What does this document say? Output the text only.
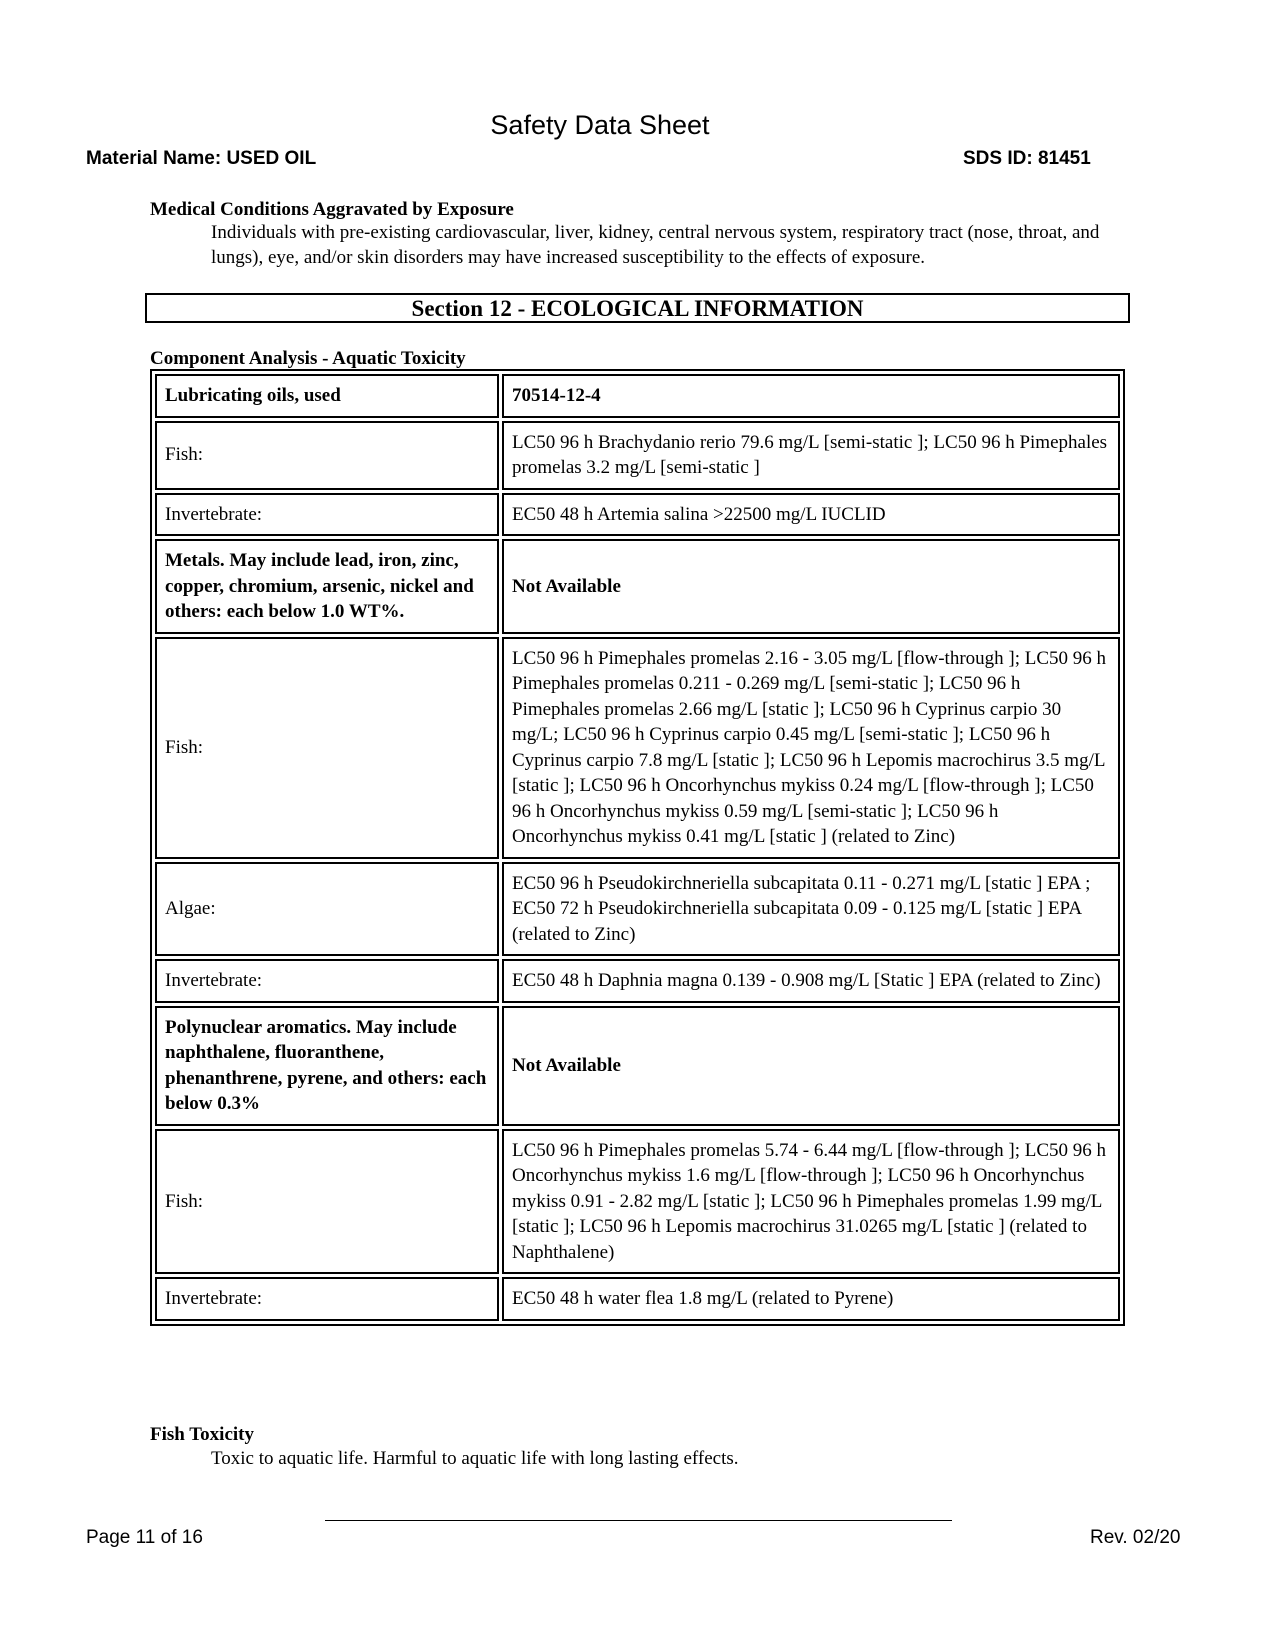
Safety Data Sheet
Material Name: USED OIL	SDS ID: 81451
Medical Conditions Aggravated by Exposure
Individuals with pre-existing cardiovascular, liver, kidney, central nervous system, respiratory tract (nose, throat, and lungs), eye, and/or skin disorders may have increased susceptibility to the effects of exposure.
Section 12 - ECOLOGICAL INFORMATION
Component Analysis - Aquatic Toxicity
Lubricating oils, used	70514-12-4
Fish:	LC50 96 h Brachydanio rerio 79.6 mg/L [semi-static ]; LC50 96 h Pimephales promelas 3.2 mg/L [semi-static ]
Invertebrate:	EC50 48 h Artemia salina >22500 mg/L IUCLID
Metals. May include lead, iron, zinc, copper, chromium, arsenic, nickel and others: each below 1.0 WT%.	Not Available
Fish:	LC50 96 h Pimephales promelas 2.16 - 3.05 mg/L [flow-through ]; LC50 96 h Pimephales promelas 0.211 - 0.269 mg/L [semi-static ]; LC50 96 h Pimephales promelas 2.66 mg/L [static ]; LC50 96 h Cyprinus carpio 30 mg/L; LC50 96 h Cyprinus carpio 0.45 mg/L [semi-static ]; LC50 96 h Cyprinus carpio 7.8 mg/L [static ]; LC50 96 h Lepomis macrochirus 3.5 mg/L [static ]; LC50 96 h Oncorhynchus mykiss 0.24 mg/L [flow-through ]; LC50 96 h Oncorhynchus mykiss 0.59 mg/L [semi-static ]; LC50 96 h Oncorhynchus mykiss 0.41 mg/L [static ] (related to Zinc)
Algae:	EC50 96 h Pseudokirchneriella subcapitata 0.11 - 0.271 mg/L [static ] EPA ; EC50 72 h Pseudokirchneriella subcapitata 0.09 - 0.125 mg/L [static ] EPA (related to Zinc)
Invertebrate:	EC50 48 h Daphnia magna 0.139 - 0.908 mg/L [Static ] EPA (related to Zinc)
Polynuclear aromatics. May include naphthalene, fluoranthene, phenanthrene, pyrene, and others: each below 0.3%	Not Available
Fish:	LC50 96 h Pimephales promelas 5.74 - 6.44 mg/L [flow-through ]; LC50 96 h Oncorhynchus mykiss 1.6 mg/L [flow-through ]; LC50 96 h Oncorhynchus mykiss 0.91 - 2.82 mg/L [static ]; LC50 96 h Pimephales promelas 1.99 mg/L [static ]; LC50 96 h Lepomis macrochirus 31.0265 mg/L [static ] (related to Naphthalene)
Invertebrate:	EC50 48 h water flea 1.8 mg/L (related to Pyrene)
Fish Toxicity
Toxic to aquatic life. Harmful to aquatic life with long lasting effects.
Page 11 of 16	Rev. 02/20
